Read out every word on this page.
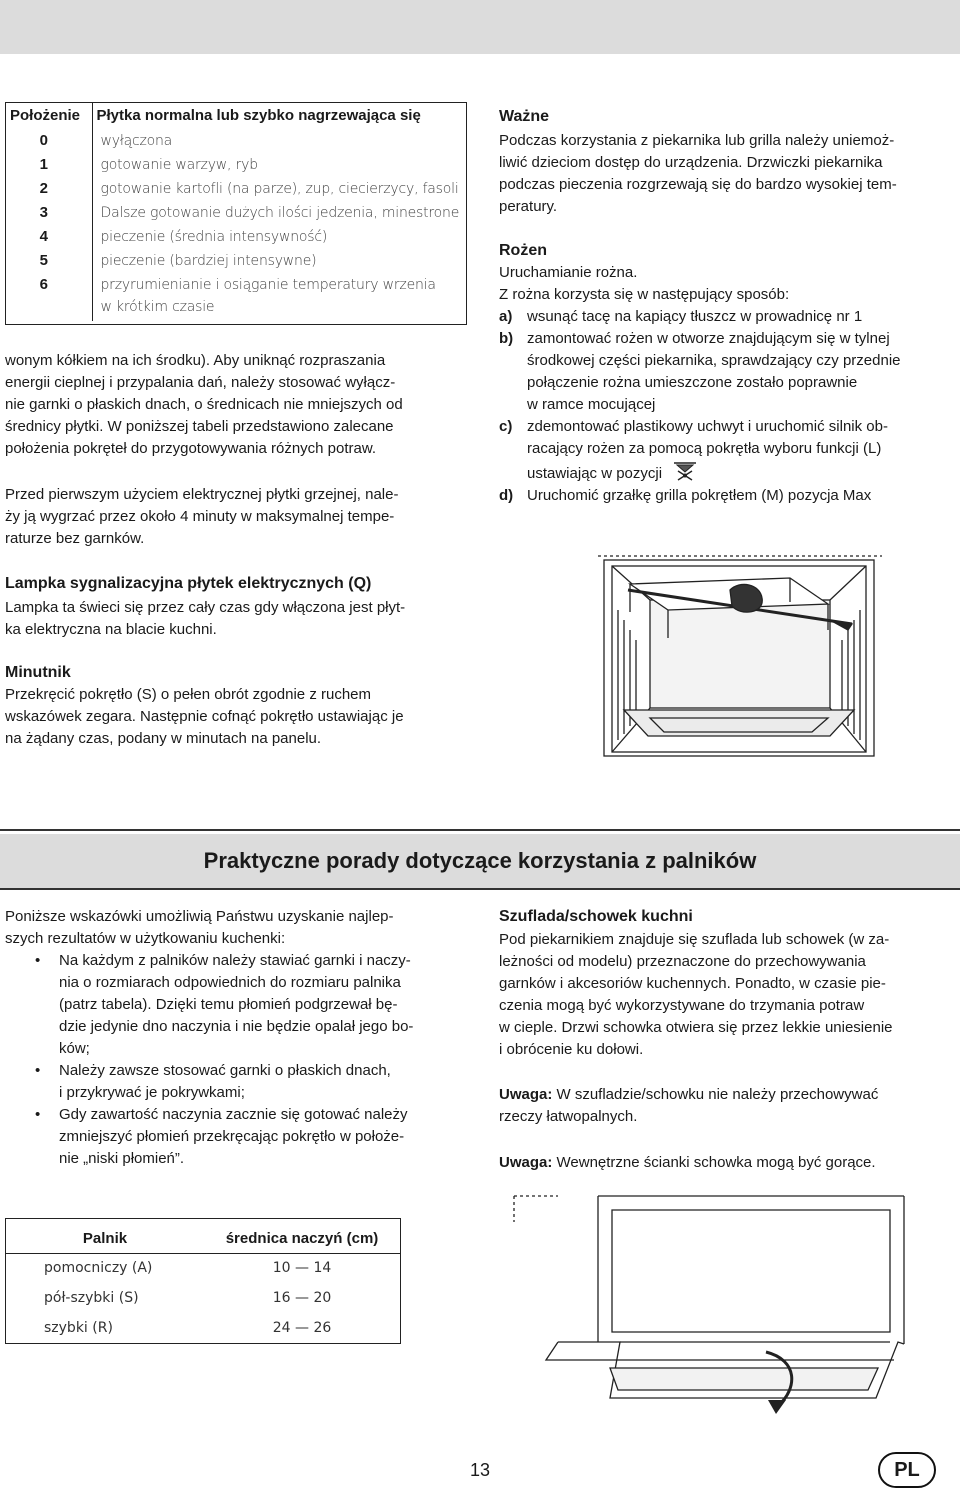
Położenie	Płytka normalna lub szybko nagrzewająca się
0	wyłączona
1	gotowanie warzyw, ryb
2	gotowanie kartofli (na parze), zup, ciecierzycy, fasoli
3	Dalsze gotowanie dużych ilości jedzenia, minestrone
4	pieczenie (średnia intensywność)
5	pieczenie (bardziej intensywne)
6	przyrumienianie i osiąganie temperatury wrzenia
w krótkim czasie
wonym kółkiem na ich środku). Aby uniknąć rozpraszania
energii cieplnej i przypalania dań, należy stosować wyłącz-
nie garnki o płaskich dnach, o średnicach nie mniejszych od
średnicy płytki. W poniższej tabeli przedstawiono zalecane
położenia pokręteł do przygotowywania różnych potraw.
Przed pierwszym użyciem elektrycznej płytki grzejnej, nale-
ży ją wygrzać przez około 4 minuty w maksymalnej tempe-
raturze bez garnków.
Lampka sygnalizacyjna płytek elektrycznych (Q)
Lampka ta świeci się przez cały czas gdy włączona jest płyt-
ka elektryczna na blacie kuchni.
Minutnik
Przekręcić pokrętło (S) o pełen obrót zgodnie z ruchem
wskazówek zegara. Następnie cofnąć pokrętło ustawiając je
na żądany czas, podany w minutach na panelu.
Ważne
Podczas korzystania z piekarnika lub grilla należy uniemoż-
liwić dzieciom dostęp do urządzenia. Drzwiczki piekarnika
podczas pieczenia rozgrzewają się do bardzo wysokiej tem-
peratury.
Rożen
Uruchamianie rożna.
Z rożna korzysta się w następujący sposób:
a) wsunąć tacę na kapiący tłuszcz w prowadnicę nr 1
b) zamontować rożen w otworze znajdującym się w tylnej
środkowej części piekarnika, sprawdzający czy przednie
połączenie rożna umieszczone zostało poprawnie
w ramce mocującej
c) zdemontować plastikowy uchwyt i uruchomić silnik ob-
racający rożen za pomocą pokrętła wyboru funkcji (L)
ustawiając w pozycji
d) Uruchomić grzałkę grilla pokrętłem (M) pozycja Max
Praktyczne porady dotyczące korzystania z palników
Poniższe wskazówki umożliwią Państwu uzyskanie najlep-
szych rezultatów w użytkowaniu kuchenki:
• Na każdym z palników należy stawiać garnki i naczy-
nia o rozmiarach odpowiednich do rozmiaru palnika
(patrz tabela). Dzięki temu płomień podgrzewał bę-
dzie jedynie dno naczynia i nie będzie opalał jego bo-
ków;
• Należy zawsze stosować garnki o płaskich dnach,
i przykrywać je pokrywkami;
• Gdy zawartość naczynia zacznie się gotować należy
zmniejszyć płomień przekręcając pokrętło w położe-
nie „niski płomień”.
Szuflada/schowek kuchni
Pod piekarnikiem znajduje się szuflada lub schowek (w za-
leżności od modelu) przeznaczone do przechowywania
garnków i akcesoriów kuchennych. Ponadto, w czasie pie-
czenia mogą być wykorzystywane do trzymania potraw
w cieple. Drzwi schowka otwiera się przez lekkie uniesienie
i obrócenie ku dołowi.
Uwaga: W szufladzie/schowku nie należy przechowywać
rzeczy łatwopalnych.
Uwaga: Wewnętrzne ścianki schowka mogą być gorące.
Palnik	średnica naczyń (cm)
pomocniczy (A)	10 — 14
pół-szybki (S)	16 — 20
szybki (R)	24 — 26
13	PL
